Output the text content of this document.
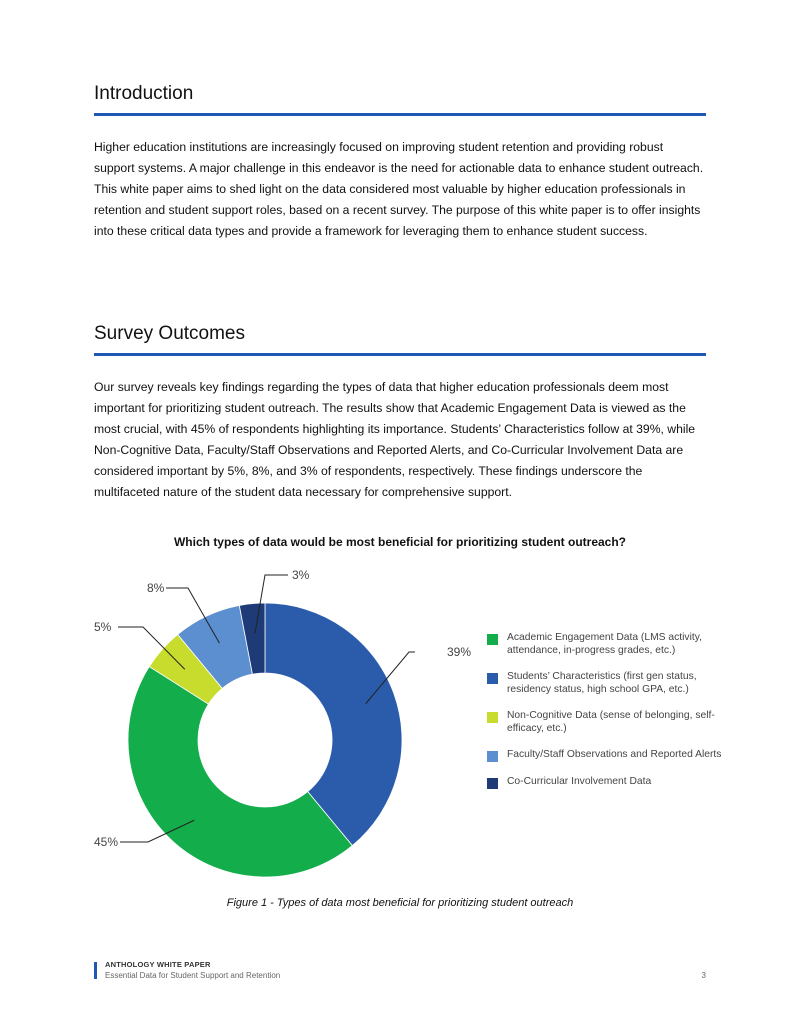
Introduction

Higher education institutions are increasingly focused on improving student retention and providing robust support systems. A major challenge in this endeavor is the need for actionable data to enhance student outreach. This white paper aims to shed light on the data considered most valuable by higher education professionals in retention and student support roles, based on a recent survey. The purpose of this white paper is to offer insights into these critical data types and provide a framework for leveraging them to enhance student success.

Survey Outcomes

Our survey reveals key findings regarding the types of data that higher education professionals deem most important for prioritizing student outreach. The results show that Academic Engagement Data is viewed as the most crucial, with 45% of respondents highlighting its importance. Students’ Characteristics follow at 39%, while Non-Cognitive Data, Faculty/Staff Observations and Reported Alerts, and Co-Curricular Involvement Data are considered important by 5%, 8%, and 3% of respondents, respectively. These findings underscore the multifaceted nature of the student data necessary for comprehensive support.

Which types of data would be most beneficial for prioritizing student outreach?
39%
45%
5%
8%
3%
Academic Engagement Data (LMS activity, attendance, in-progress grades, etc.)
Students’ Characteristics (first gen status, residency status, high school GPA, etc.)
Non-Cognitive Data (sense of belonging, self-efficacy, etc.)
Faculty/Staff Observations and Reported Alerts
Co-Curricular Involvement Data
Figure 1 - Types of data most beneficial for prioritizing student outreach
ANTHOLOGY WHITE PAPER
Essential Data for Student Support and Retention	3
